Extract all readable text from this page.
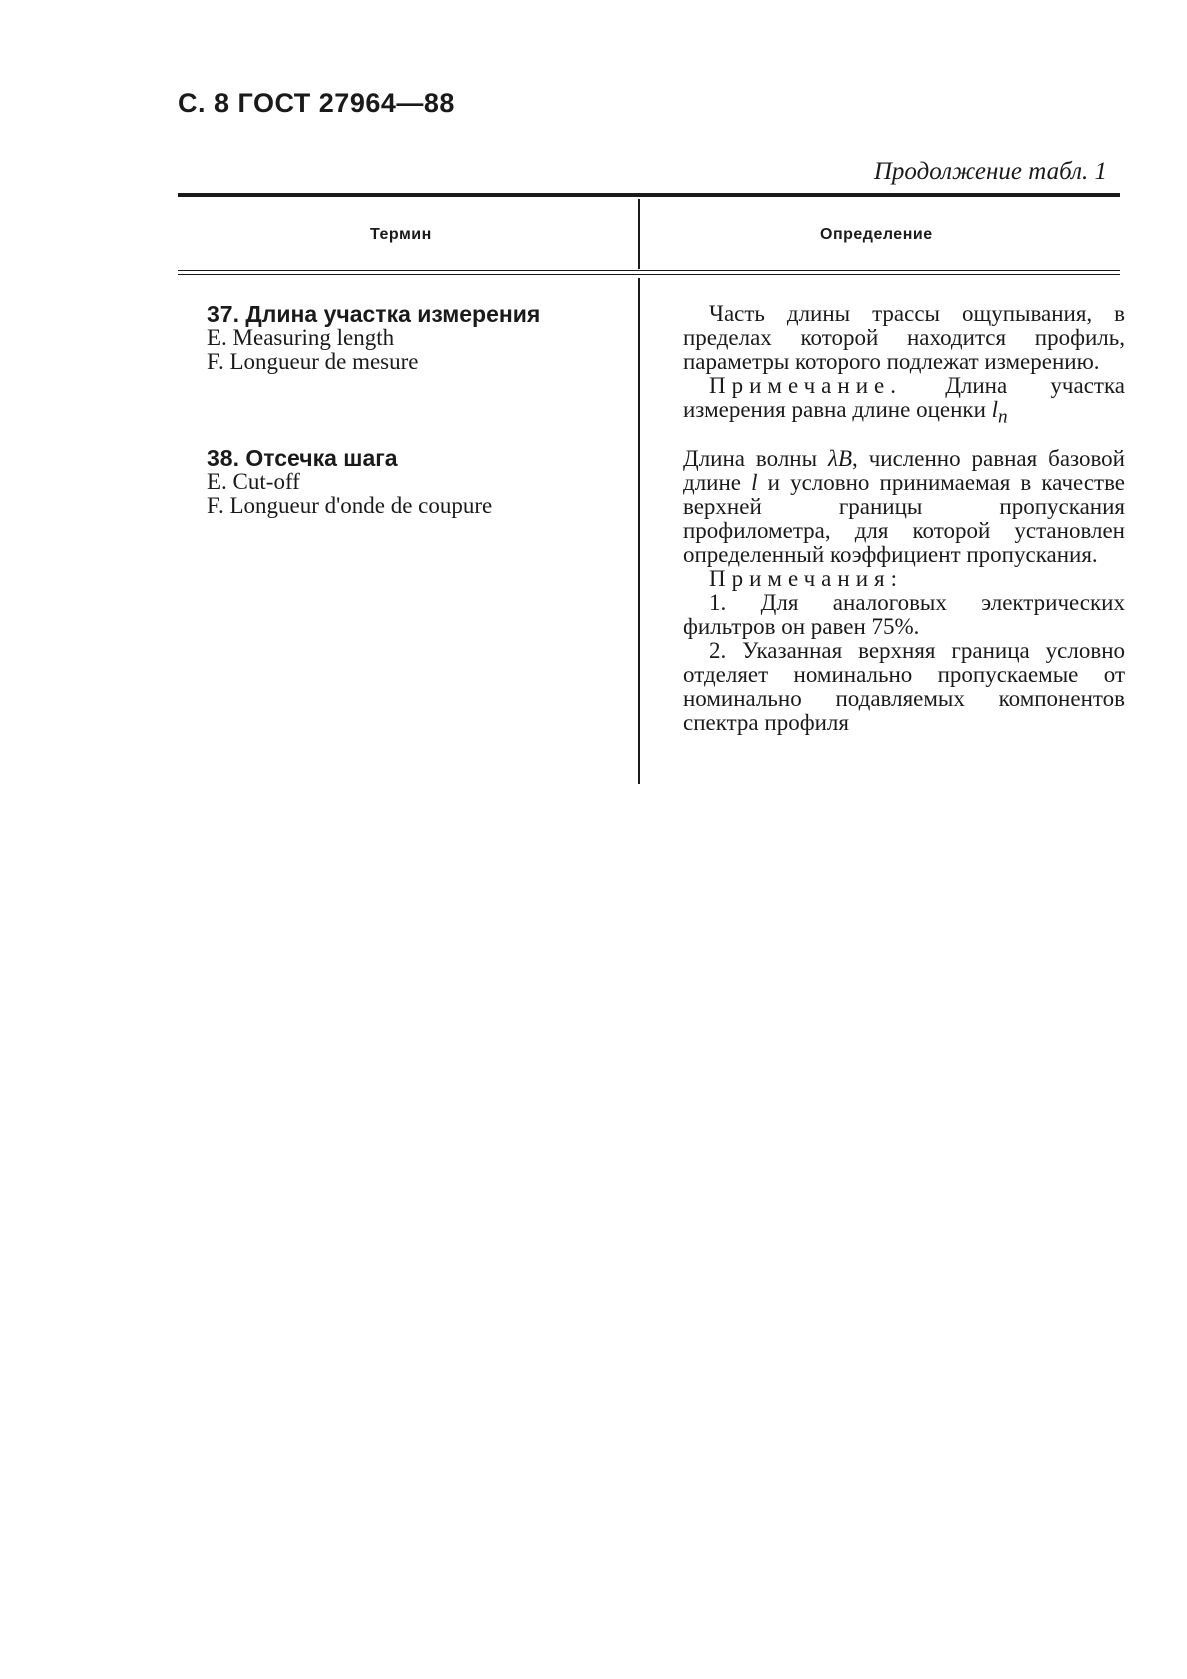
С. 8 ГОСТ 27964—88
Продолжение табл. 1
Термин	Определение
37. Длина участка измерения
E. Measuring length
F. Longueur de mesure

Часть длины трассы ощупывания, в пределах которой находится профиль, параметры которого подлежат измерению.

Примечание. Длина участка измерения равна длине оценки $l_n$

38. Отсечка шага
E. Cut-off
F. Longueur d'onde de coupure

Длина волны λB, численно равная базовой длине l и условно принимаемая в качестве верхней границы пропускания профилометра, для которой установлен определенный коэффициент пропускания.

Примечания:

1. Для аналоговых электрических фильтров он равен 75%.

2. Указанная верхняя граница условно отделяет номинально пропускаемые от номинально подавляемых компонентов спектра профиля
